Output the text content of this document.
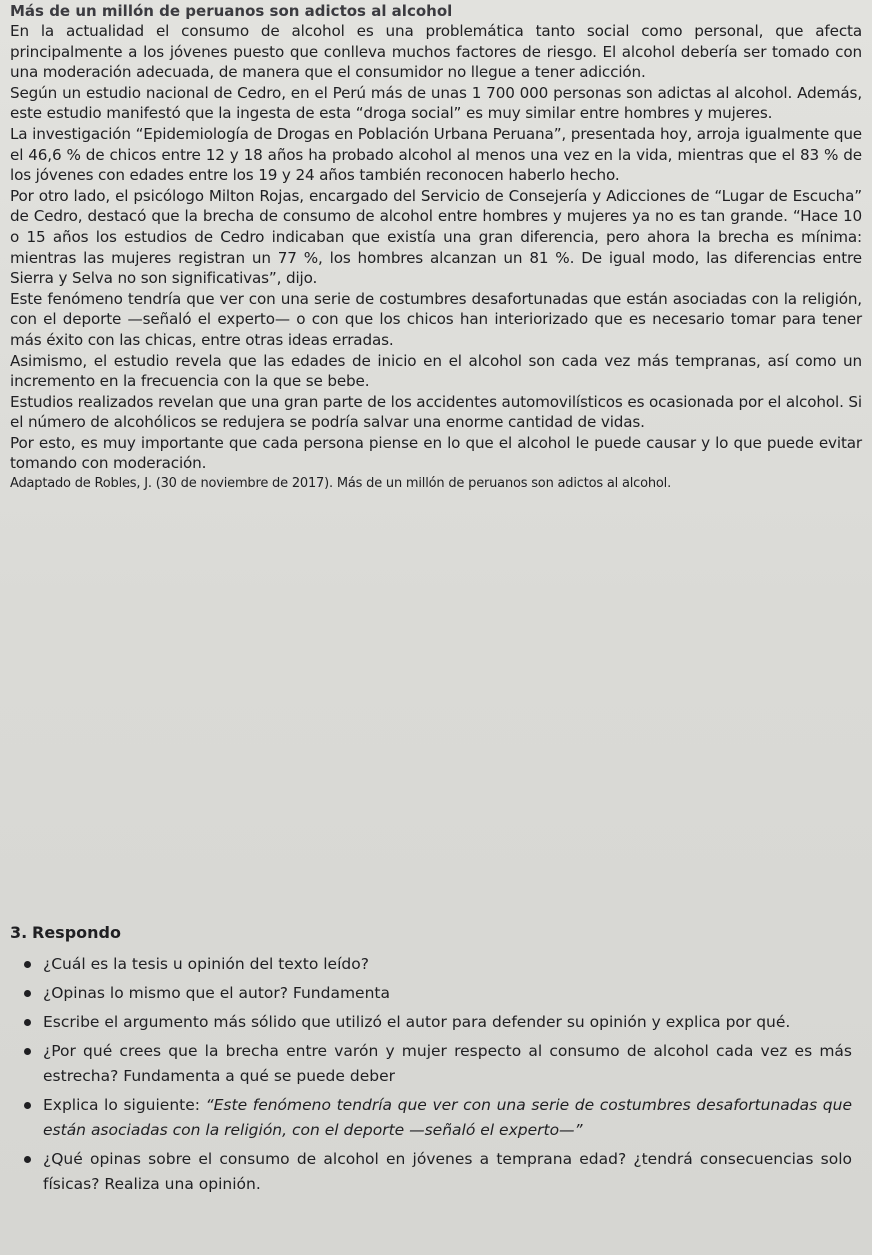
Más de un millón de peruanos son adictos al alcohol

En la actualidad el consumo de alcohol es una problemática tanto social como personal, que afecta principalmente a los jóvenes puesto que conlleva muchos factores de riesgo. El alcohol debería ser tomado con una moderación adecuada, de manera que el consumidor no llegue a tener adicción.

Según un estudio nacional de Cedro, en el Perú más de unas 1 700 000 personas son adictas al alcohol. Además, este estudio manifestó que la ingesta de esta “droga social” es muy similar entre hombres y mujeres.

La investigación “Epidemiología de Drogas en Población Urbana Peruana”, presentada hoy, arroja igualmente que el 46,6 % de chicos entre 12 y 18 años ha probado alcohol al menos una vez en la vida, mientras que el 83 % de los jóvenes con edades entre los 19 y 24 años también reconocen haberlo hecho.

Por otro lado, el psicólogo Milton Rojas, encargado del Servicio de Consejería y Adicciones de “Lugar de Escucha” de Cedro, destacó que la brecha de consumo de alcohol entre hombres y mujeres ya no es tan grande. “Hace 10 o 15 años los estudios de Cedro indicaban que existía una gran diferencia, pero ahora la brecha es mínima: mientras las mujeres registran un 77 %, los hombres alcanzan un 81 %. De igual modo, las diferencias entre Sierra y Selva no son significativas”, dijo.

Este fenómeno tendría que ver con una serie de costumbres desafortunadas que están asociadas con la religión, con el deporte —señaló el experto— o con que los chicos han interiorizado que es necesario tomar para tener más éxito con las chicas, entre otras ideas erradas.

Asimismo, el estudio revela que las edades de inicio en el alcohol son cada vez más tempranas, así como un incremento en la frecuencia con la que se bebe.

Estudios realizados revelan que una gran parte de los accidentes automovilísticos es ocasionada por el alcohol. Si el número de alcohólicos se redujera se podría salvar una enorme cantidad de vidas.

Por esto, es muy importante que cada persona piense en lo que el alcohol le puede causar y lo que puede evitar tomando con moderación.

Adaptado de Robles, J. (30 de noviembre de 2017). Más de un millón de peruanos son adictos al alcohol.

3. Respondo
¿Cuál es la tesis u opinión del texto leído?
¿Opinas lo mismo que el autor? Fundamenta
Escribe el argumento más sólido que utilizó el autor para defender su opinión y explica por qué.
¿Por qué crees que la brecha entre varón y mujer respecto al consumo de alcohol cada vez es más estrecha? Fundamenta a qué se puede deber
Explica lo siguiente: “Este fenómeno tendría que ver con una serie de costumbres desafortunadas que están asociadas con la religión, con el deporte —señaló el experto—”
¿Qué opinas sobre el consumo de alcohol en jóvenes a temprana edad? ¿tendrá consecuencias solo físicas? Realiza una opinión.
